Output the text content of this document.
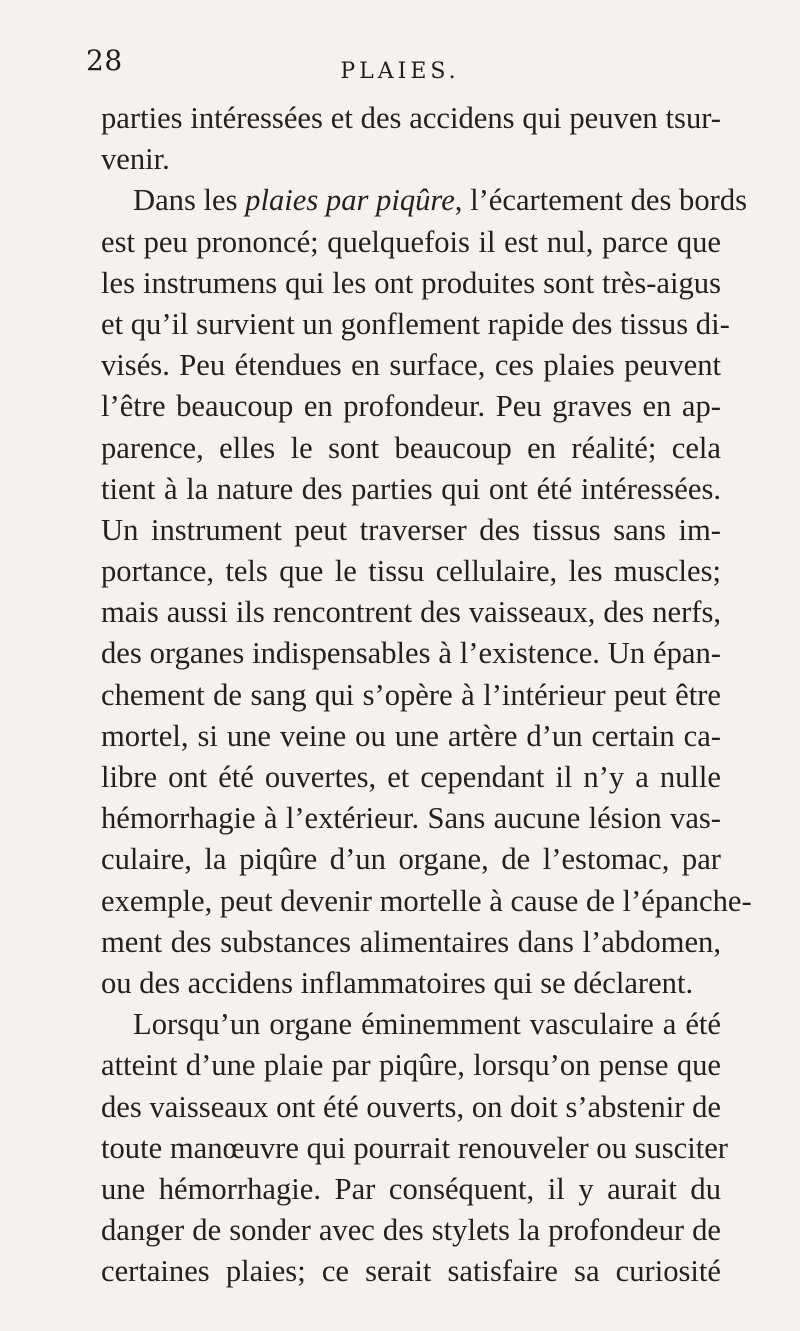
28	PLAIES.
parties intéressées et des accidens qui peuven tsur-
venir.
Dans les plaies par piqûre, l’écartement des bords
est peu prononcé; quelquefois il est nul, parce que
les instrumens qui les ont produites sont très-aigus
et qu’il survient un gonflement rapide des tissus di-
visés. Peu étendues en surface, ces plaies peuvent
l’être beaucoup en profondeur. Peu graves en ap-
parence, elles le sont beaucoup en réalité; cela
tient à la nature des parties qui ont été intéressées.
Un instrument peut traverser des tissus sans im-
portance, tels que le tissu cellulaire, les muscles;
mais aussi ils rencontrent des vaisseaux, des nerfs,
des organes indispensables à l’existence. Un épan-
chement de sang qui s’opère à l’intérieur peut être
mortel, si une veine ou une artère d’un certain ca-
libre ont été ouvertes, et cependant il n’y a nulle
hémorrhagie à l’extérieur. Sans aucune lésion vas-
culaire, la piqûre d’un organe, de l’estomac, par
exemple, peut devenir mortelle à cause de l’épanche-
ment des substances alimentaires dans l’abdomen,
ou des accidens inflammatoires qui se déclarent.
Lorsqu’un organe éminemment vasculaire a été
atteint d’une plaie par piqûre, lorsqu’on pense que
des vaisseaux ont été ouverts, on doit s’abstenir de
toute manœuvre qui pourrait renouveler ou susciter
une hémorrhagie. Par conséquent, il y aurait du
danger de sonder avec des stylets la profondeur de
certaines plaies; ce serait satisfaire sa curiosité
